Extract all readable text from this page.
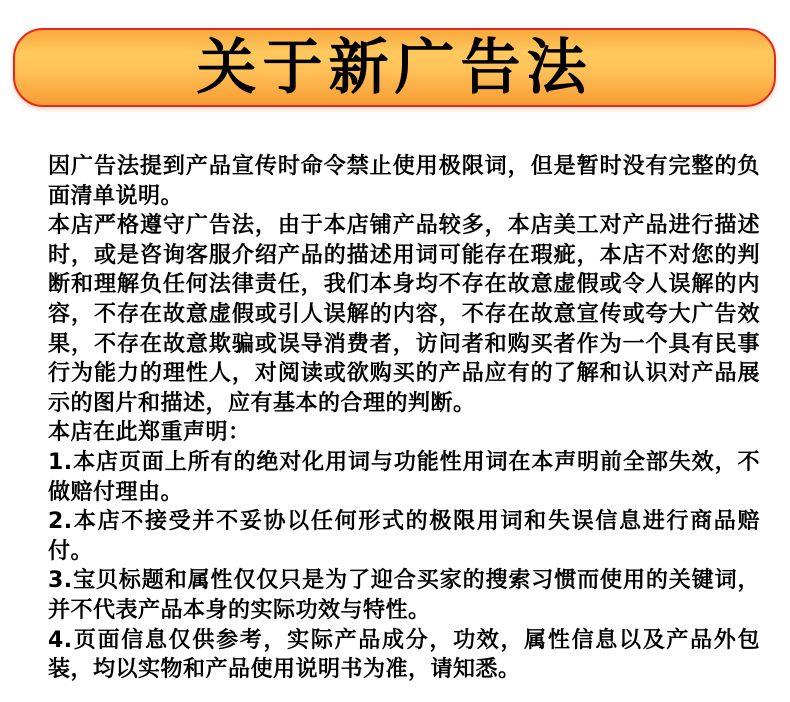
关于新广告法

因广告法提到产品宣传时命令禁止使用极限词，但是暂时没有完整的负面清单说明。

本店严格遵守广告法，由于本店铺产品较多，本店美工对产品进行描述时，或是咨询客服介绍产品的描述用词可能存在瑕疵，本店不对您的判断和理解负任何法律责任，我们本身均不存在故意虚假或令人误解的内容，不存在故意虚假或引人误解的内容，不存在故意宣传或夸大广告效果，不存在故意欺骗或误导消费者，访问者和购买者作为一个具有民事行为能力的理性人，对阅读或欲购买的产品应有的了解和认识对产品展示的图片和描述，应有基本的合理的判断。

本店在此郑重声明：

1.本店页面上所有的绝对化用词与功能性用词在本声明前全部失效，不做赔付理由。

2.本店不接受并不妥协以任何形式的极限用词和失误信息进行商品赔付。

3.宝贝标题和属性仅仅只是为了迎合买家的搜索习惯而使用的关键词，并不代表产品本身的实际功效与特性。

4.页面信息仅供参考，实际产品成分，功效，属性信息以及产品外包装，均以实物和产品使用说明书为准，请知悉。
